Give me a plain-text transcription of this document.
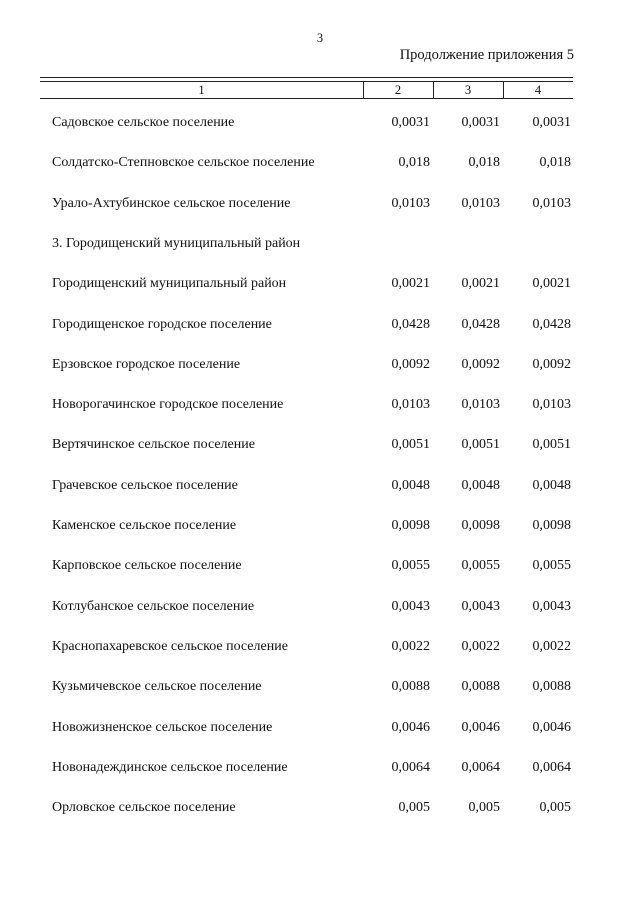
3
Продолжение приложения 5
1	2	3	4
Садовское сельское поселение	0,0031	0,0031	0,0031
Солдатско-Степновское сельское поселение	0,018	0,018	0,018
Урало-Ахтубинское сельское поселение	0,0103	0,0103	0,0103
3. Городищенский муниципальный район
Городищенский муниципальный район	0,0021	0,0021	0,0021
Городищенское городское поселение	0,0428	0,0428	0,0428
Ерзовское городское поселение	0,0092	0,0092	0,0092
Новорогачинское городское поселение	0,0103	0,0103	0,0103
Вертячинское сельское поселение	0,0051	0,0051	0,0051
Грачевское сельское поселение	0,0048	0,0048	0,0048
Каменское сельское поселение	0,0098	0,0098	0,0098
Карповское сельское поселение	0,0055	0,0055	0,0055
Котлубанское сельское поселение	0,0043	0,0043	0,0043
Краснопахаревское сельское поселение	0,0022	0,0022	0,0022
Кузьмичевское сельское поселение	0,0088	0,0088	0,0088
Новожизненское сельское поселение	0,0046	0,0046	0,0046
Новонадеждинское сельское поселение	0,0064	0,0064	0,0064
Орловское сельское поселение	0,005	0,005	0,005
